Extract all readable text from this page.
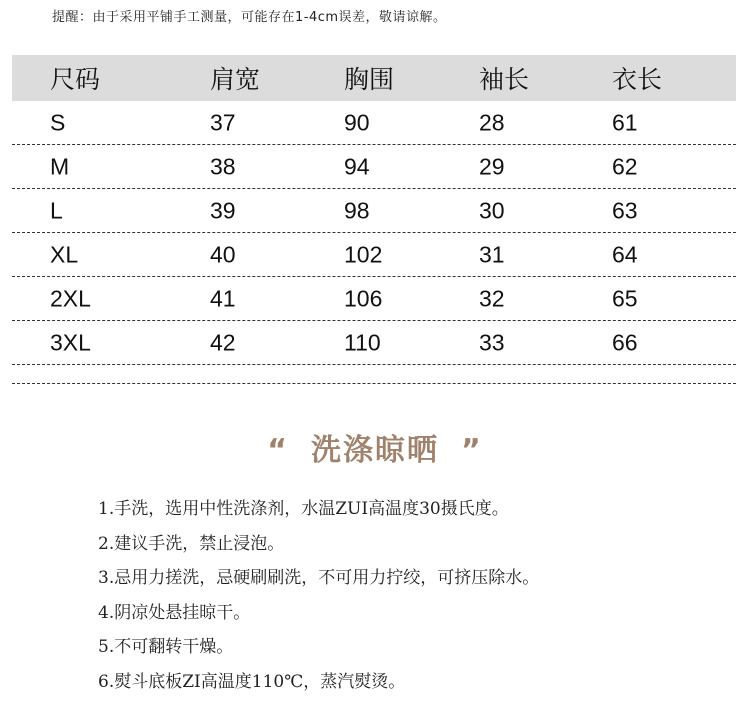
提醒：由于采用平铺手工测量，可能存在1-4cm误差，敬请谅解。
尺码	肩宽	胸围	袖长	衣长
S	37	90	28	61
M	38	94	29	62
L	39	98	30	63
XL	40	102	31	64
2XL	41	106	32	65
3XL	42	110	33	66
“ 洗涤晾晒 ”
1.手洗，选用中性洗涤剂，水温ZUI高温度30摄氏度。
2.建议手洗，禁止浸泡。
3.忌用力搓洗，忌硬刷刷洗，不可用力拧绞，可挤压除水。
4.阴凉处悬挂晾干。
5.不可翻转干燥。
6.熨斗底板ZI高温度110℃，蒸汽熨烫。
